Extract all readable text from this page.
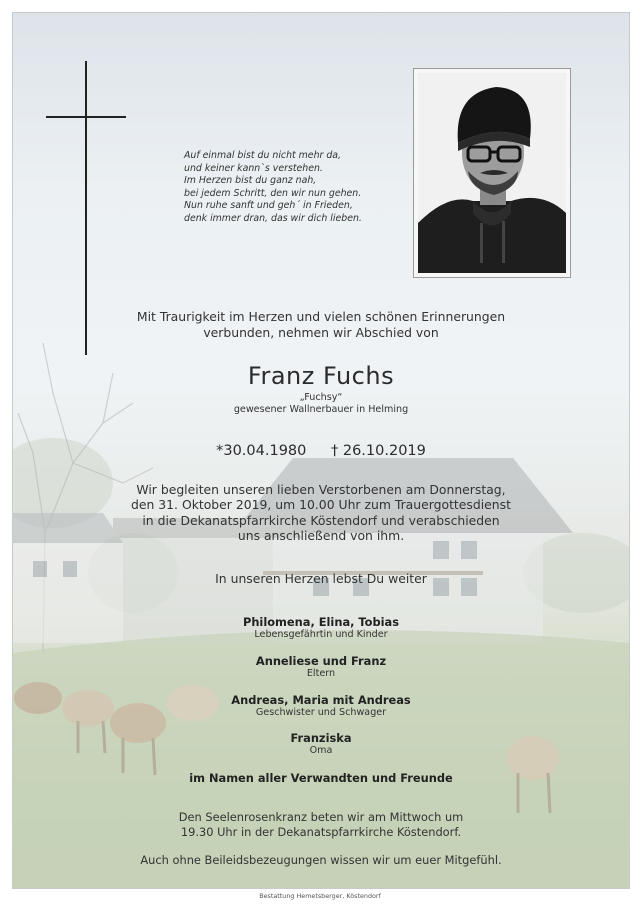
Auf einmal bist du nicht mehr da,
und keiner kann`s verstehen.
Im Herzen bist du ganz nah,
bei jedem Schritt, den wir nun gehen.
Nun ruhe sanft und geh´ in Frieden,
denk immer dran, das wir dich lieben.
Mit Traurigkeit im Herzen und vielen schönen Erinnerungen
verbunden, nehmen wir Abschied von
Franz Fuchs
„Fuchsy“
gewesener Wallnerbauer in Helming
*30.04.1980 † 26.10.2019
Wir begleiten unseren lieben Verstorbenen am Donnerstag,
den 31. Oktober 2019, um 10.00 Uhr zum Trauergottesdienst
in die Dekanatspfarrkirche Köstendorf und verabschieden
uns anschließend von ihm.
In unseren Herzen lebst Du weiter
Philomena, Elina, Tobias
Lebensgefährtin und Kinder
Anneliese und Franz
Eltern
Andreas, Maria mit Andreas
Geschwister und Schwager
Franziska
Oma
im Namen aller Verwandten und Freunde
Den Seelenrosenkranz beten wir am Mittwoch um
19.30 Uhr in der Dekanatspfarrkirche Köstendorf.
Auch ohne Beileidsbezeugungen wissen wir um euer Mitgefühl.
Bestattung Hemetsberger, Köstendorf
